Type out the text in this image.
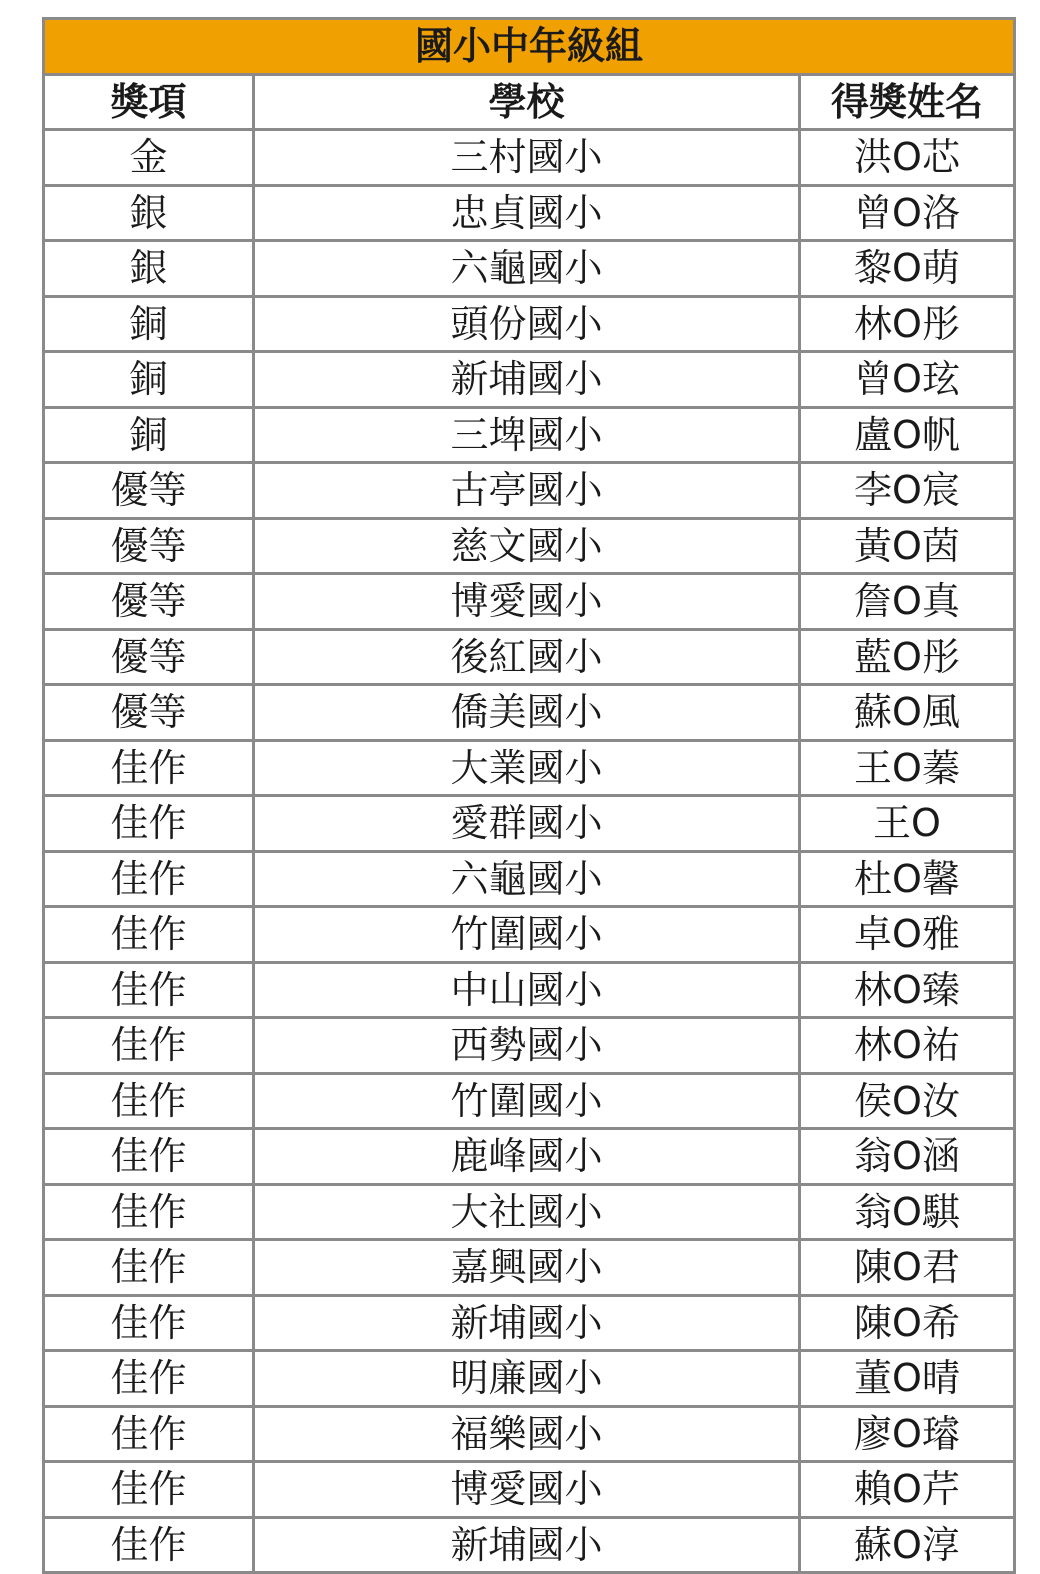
國小中年級組		
獎項	學校	得獎姓名
金	三村國小	洪O芯
銀	忠貞國小	曾O洛
銀	六龜國小	黎O萌
銅	頭份國小	林O彤
銅	新埔國小	曾O玹
銅	三埤國小	盧O帆
優等	古亭國小	李O宸
優等	慈文國小	黃O茵
優等	博愛國小	詹O真
優等	後紅國小	藍O彤
優等	僑美國小	蘇O風
佳作	大業國小	王O蓁
佳作	愛群國小	王O
佳作	六龜國小	杜O馨
佳作	竹圍國小	卓O雅
佳作	中山國小	林O臻
佳作	西勢國小	林O祐
佳作	竹圍國小	侯O汝
佳作	鹿峰國小	翁O涵
佳作	大社國小	翁O騏
佳作	嘉興國小	陳O君
佳作	新埔國小	陳O希
佳作	明廉國小	董O晴
佳作	福樂國小	廖O璿
佳作	博愛國小	賴O芹
佳作	新埔國小	蘇O淳
